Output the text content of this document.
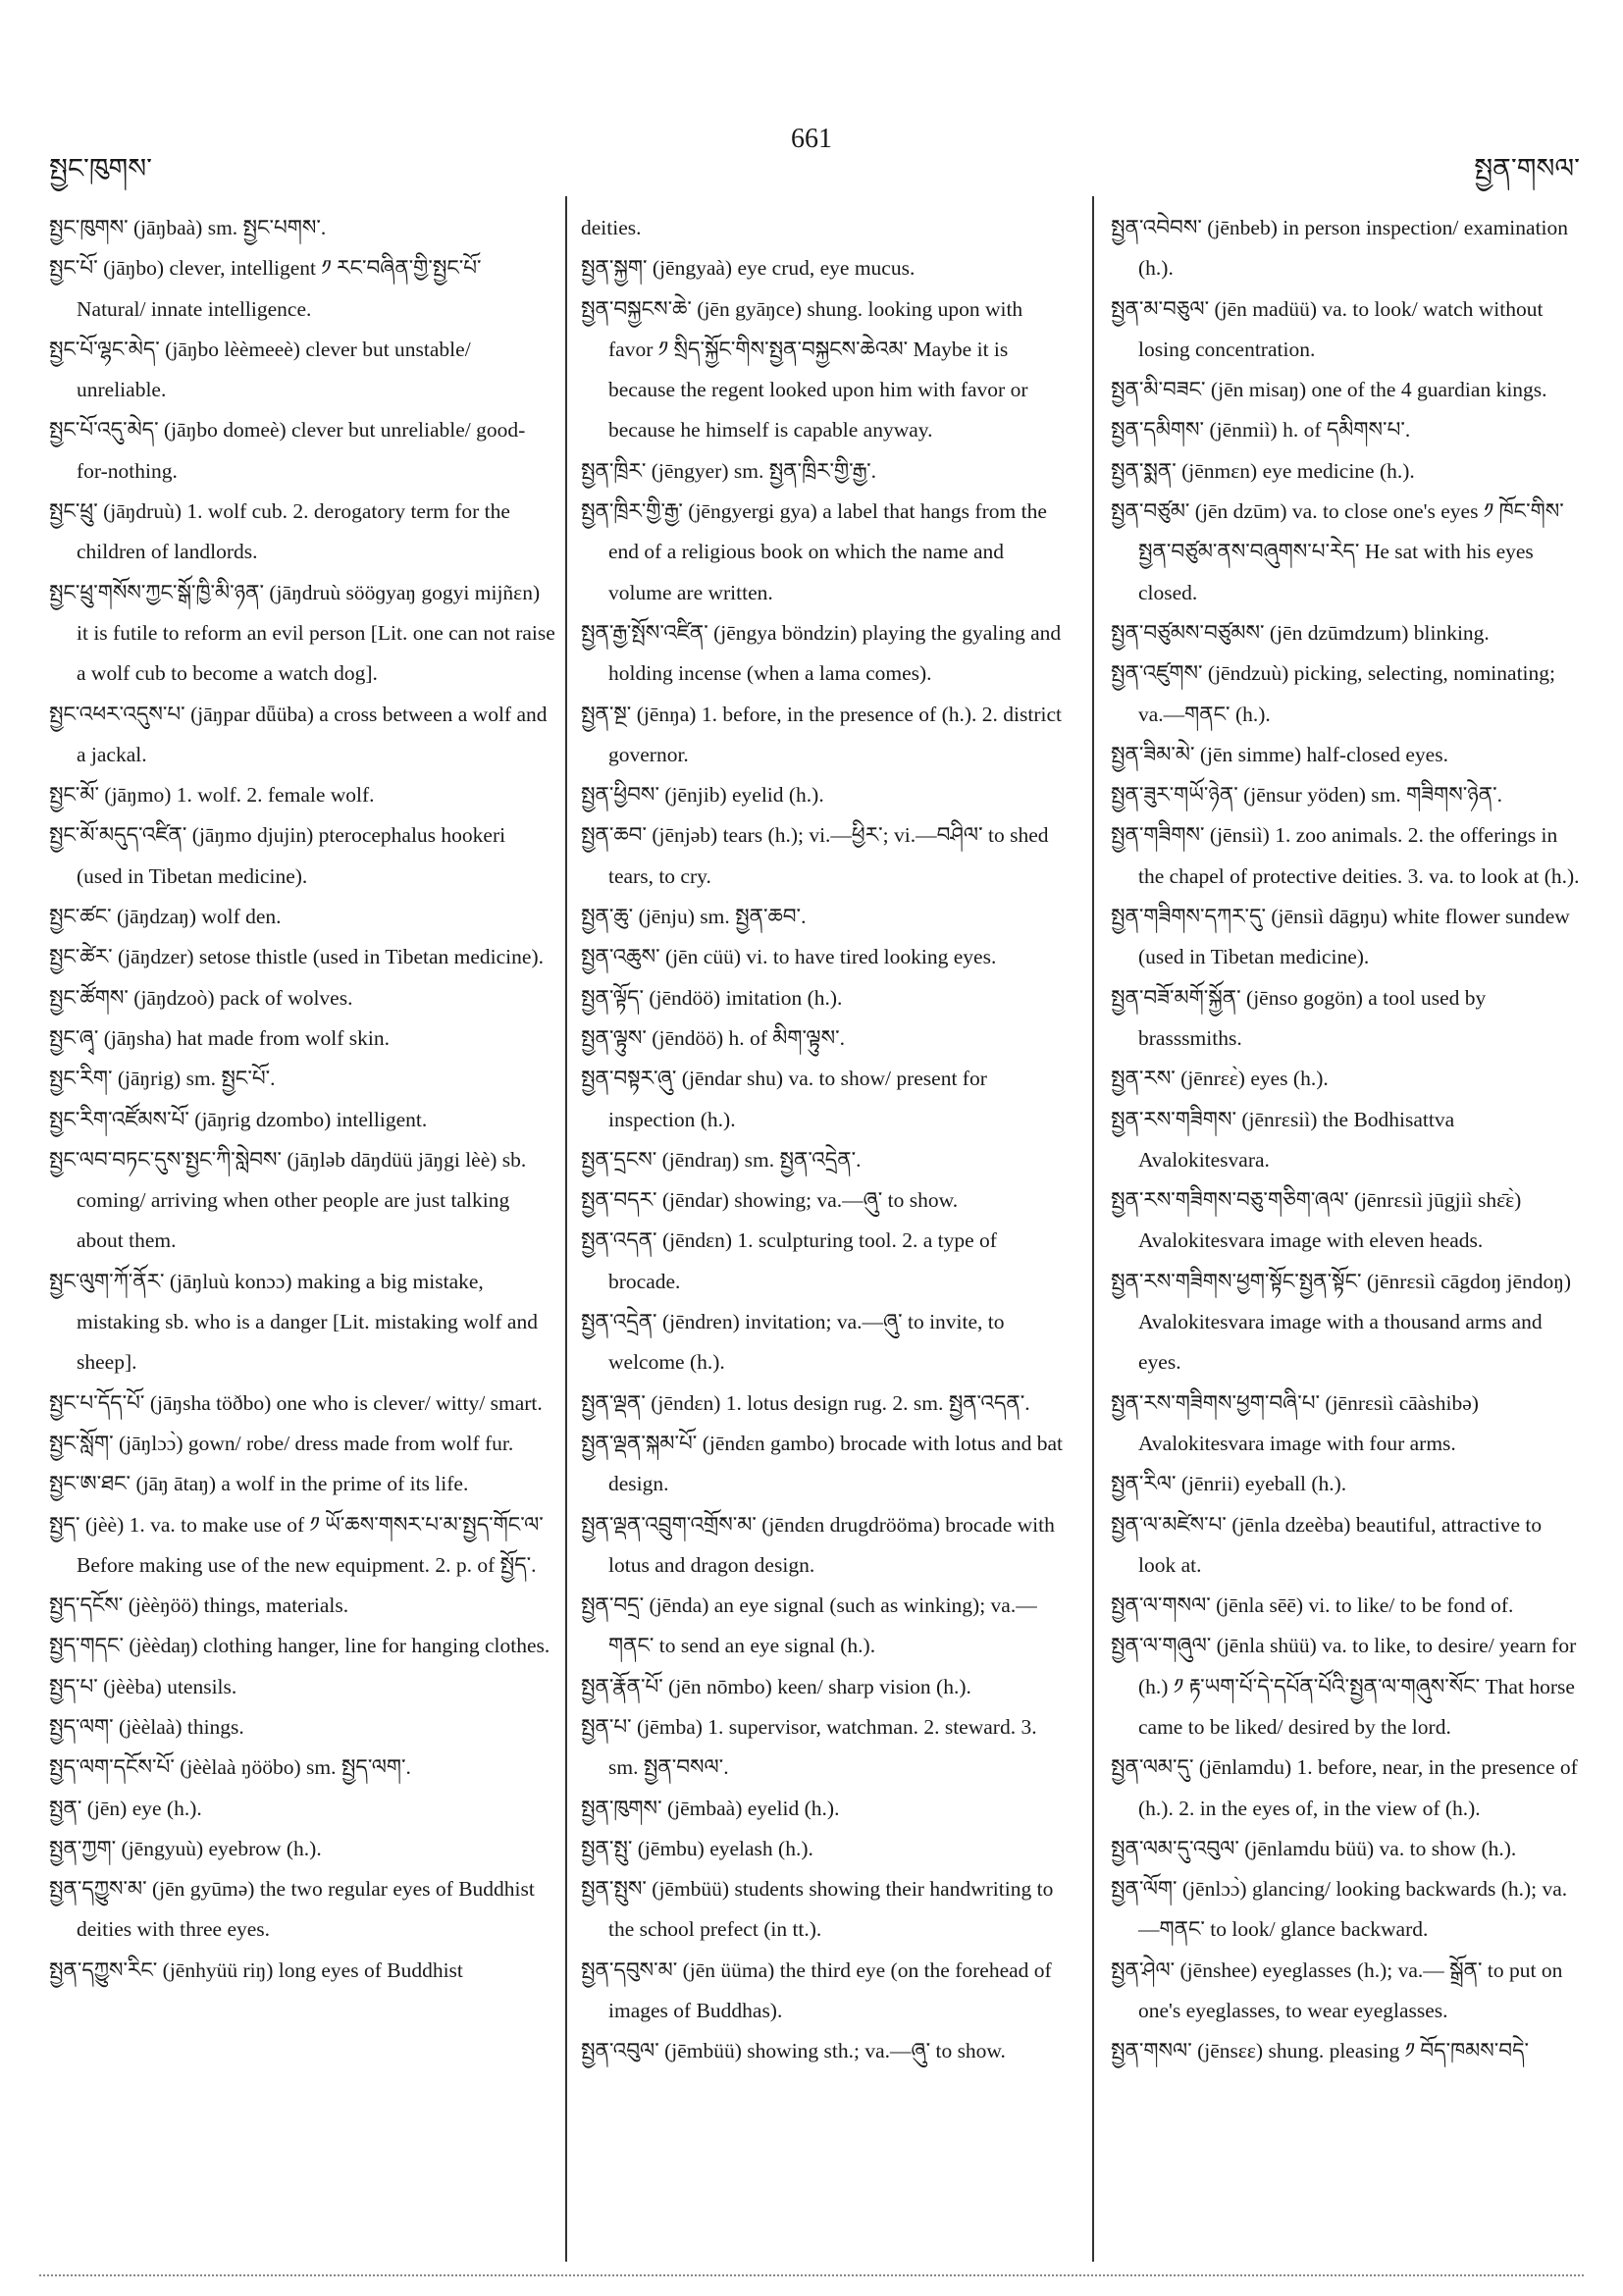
661
སྤྱང་ཁུགས་	སྤྱན་གསལ་

སྤྱང་ཁུགས་ (jāŋbaà) sm. སྤྱང་པགས་.

སྤྱང་པོ་ (jāŋbo) clever, intelligent ༡ རང་བཞིན་གྱི་སྤྱང་པོ་ Natural/ innate intelligence.

སྤྱང་པོ་ལྷང་མེད་ (jāŋbo lèèmeeè) clever but unstable/ unreliable.

སྤྱང་པོ་འདུ་མེད་ (jāŋbo domeè) clever but unreliable/ good-for-nothing.

སྤྱང་ཕྲུ་ (jāŋdruù) 1. wolf cub. 2. derogatory term for the children of landlords.

སྤྱང་ཕྲུ་གསོས་ཀྱང་སྒོ་ཁྱི་མི་ཉན་ (jāŋdruù sööɡyaŋ gogyi mijñɛn) it is futile to reform an evil person [Lit. one can not raise a wolf cub to become a watch dog].

སྤྱང་འཕར་འདུས་པ་ (jāŋpar dǖüba) a cross between a wolf and a jackal.

སྤྱང་མོ་ (jāŋmo) 1. wolf. 2. female wolf.

སྤྱང་མོ་མདུད་འཛིན་ (jāŋmo djujin) pterocephalus hookeri (used in Tibetan medicine).

སྤྱང་ཚང་ (jāŋdzaŋ) wolf den.

སྤྱང་ཚེར་ (jāŋdzer) setose thistle (used in Tibetan medicine).

སྤྱང་ཚོགས་ (jāŋdzoò) pack of wolves.

སྤྱང་ཞྭ་ (jāŋsha) hat made from wolf skin.

སྤྱང་རིག་ (jāŋrig) sm. སྤྱང་པོ་.

སྤྱང་རིག་འཛོམས་པོ་ (jāŋrig dzombo) intelligent.

སྤྱང་ལབ་བཏང་དུས་སྤྱང་ཀི་སླེབས་ (jāŋləb dāŋdüü jāŋgi lèè) sb. coming/ arriving when other people are just talking about them.

སྤྱང་ལུག་ཀོ་ནོར་ (jāŋluù konɔɔ) making a big mistake, mistaking sb. who is a danger [Lit. mistaking wolf and sheep].

སྤྱང་པ་དོད་པོ་ (jāŋsha töðbo) one who is clever/ witty/ smart.

སྤྱང་སློག་ (jāŋlɔɔ̀) gown/ robe/ dress made from wolf fur.

སྤྱང་ཨ་ཐང་ (jāŋ ātaŋ) a wolf in the prime of its life.

སྤྱད་ (jèè) 1. va. to make use of ༡ ཡོ་ཆས་གསར་པ་མ་སྤྱད་གོང་ལ་ Before making use of the new equipment. 2. p. of སྤྱོད་.

སྤྱད་དངོས་ (jèèŋöö) things, materials.

སྤྱད་གདང་ (jèèdaŋ) clothing hanger, line for hanging clothes.

སྤྱད་པ་ (jèèba) utensils.

སྤྱད་ལག་ (jèèlaà) things.

སྤྱད་ལག་དངོས་པོ་ (jèèlaà ŋööbo) sm. སྤྱད་ལག་.

སྤྱན་ (jēn) eye (h.).

སྤྱན་ཀྱག་ (jēngyuù) eyebrow (h.).

སྤྱན་དཀྱུས་མ་ (jēn gyūmə) the two regular eyes of Buddhist deities with three eyes.

སྤྱན་དཀྱུས་རིང་ (jēnhyüü riŋ) long eyes of Buddhist

deities.

སྤྱན་སྐྱག་ (jēngyaà) eye crud, eye mucus.

སྤྱན་བསྐྱངས་ཆེ་ (jēn gyāŋce) shung. looking upon with favor ༡ སྲིད་སྐྱོང་གིས་སྤྱན་བསྐྱངས་ཆེའམ་ Maybe it is because the regent looked upon him with favor or because he himself is capable anyway.

སྤྱན་ཁྲིར་ (jēngyer) sm. སྤྱན་ཁྲིར་གྱི་རྒྱ་.

སྤྱན་ཁྲིར་གྱི་རྒྱ་ (jēngyergi gya) a label that hangs from the end of a religious book on which the name and volume are written.

སྤྱན་རྒྱ་སྤོས་འཛིན་ (jēngya böndzin) playing the gyaling and holding incense (when a lama comes).

སྤྱན་སྔ་ (jēnŋa) 1. before, in the presence of (h.). 2. district governor.

སྤྱན་ཕྱིབས་ (jēnjib) eyelid (h.).

སྤྱན་ཆབ་ (jēnjəb) tears (h.); vi.—ཕྱིར་; vi.—བཤིལ་ to shed tears, to cry.

སྤྱན་ཆུ་ (jēnju) sm. སྤྱན་ཆབ་.

སྤྱན་འཆུས་ (jēn cüü) vi. to have tired looking eyes.

སྤྱན་ལྟོད་ (jēndöö) imitation (h.).

སྤྱན་ལྟུས་ (jēndöö) h. of མིག་ལྟུས་.

སྤྱན་བསྟར་ཞུ་ (jēndar shu) va. to show/ present for inspection (h.).

སྤྱན་དྲངས་ (jēndraŋ) sm. སྤྱན་འདྲེན་.

སྤྱན་བདར་ (jēndar) showing; va.—ཞུ་ to show.

སྤྱན་འདན་ (jēndɛn) 1. sculpturing tool. 2. a type of brocade.

སྤྱན་འདྲེན་ (jēndren) invitation; va.—ཞུ་ to invite, to welcome (h.).

སྤྱན་ལྡན་ (jēndɛn) 1. lotus design rug. 2. sm. སྤྱན་འདན་.

སྤྱན་ལྡན་སྐམ་པོ་ (jēndɛn gambo) brocade with lotus and bat design.

སྤྱན་ལྡན་འབྲུག་འགྲོས་མ་ (jēndɛn drugdrööma) brocade with lotus and dragon design.

སྤྱན་བདྲ་ (jēnda) an eye signal (such as winking); va.—གནང་ to send an eye signal (h.).

སྤྱན་རྣོན་པོ་ (jēn nōmbo) keen/ sharp vision (h.).

སྤྱན་པ་ (jēmba) 1. supervisor, watchman. 2. steward. 3. sm. སྤྱན་བསལ་.

སྤྱན་ཁུགས་ (jēmbaà) eyelid (h.).

སྤྱན་སྤུ་ (jēmbu) eyelash (h.).

སྤྱན་སྤུས་ (jēmbüü) students showing their handwriting to the school prefect (in tt.).

སྤྱན་དབུས་མ་ (jēn üüma) the third eye (on the forehead of images of Buddhas).

སྤྱན་འབུལ་ (jēmbüü) showing sth.; va.—ཞུ་ to show.

སྤྱན་འབེབས་ (jēnbeb) in person inspection/ examination (h.).

སྤྱན་མ་བཅུལ་ (jēn madüü) va. to look/ watch without losing concentration.

སྤྱན་མི་བཟང་ (jēn misaŋ) one of the 4 guardian kings.

སྤྱན་དམིགས་ (jēnmiì) h. of དམིགས་པ་.

སྤྱན་སྨན་ (jēnmɛn) eye medicine (h.).

སྤྱན་བཙུམ་ (jēn dzūm) va. to close one's eyes ༡ ཁོང་གིས་སྤྱན་བཙུམ་ནས་བཞུགས་པ་རེད་ He sat with his eyes closed.

སྤྱན་བཙུམས་བཙུམས་ (jēn dzūmdzum) blinking.

སྤྱན་འཛུགས་ (jēndzuù) picking, selecting, nominating; va.—གནང་ (h.).

སྤྱན་ཟིམ་མེ་ (jēn simme) half-closed eyes.

སྤྱན་ཟུར་གཡོ་ཉེན་ (jēnsur yöden) sm. གཟིགས་ཉེན་.

སྤྱན་གཟིགས་ (jēnsiì) 1. zoo animals. 2. the offerings in the chapel of protective deities. 3. va. to look at (h.).

སྤྱན་གཟིགས་དཀར་དུ་ (jēnsiì dāgŋu) white flower sundew (used in Tibetan medicine).

སྤྱན་བཟོ་མགོ་སྐྱོན་ (jēnso gogön) a tool used by brasssmiths.

སྤྱན་རས་ (jēnrɛɛ̀) eyes (h.).

སྤྱན་རས་གཟིགས་ (jēnrɛsiì) the Bodhisattva Avalokitesvara.

སྤྱན་རས་གཟིགས་བཅུ་གཅིག་ཞལ་ (jēnrɛsiì jūgjiì shɛ̄ɛ̀) Avalokitesvara image with eleven heads.

སྤྱན་རས་གཟིགས་ཕྱག་སྟོང་སྤྱན་སྟོང་ (jēnrɛsiì cāgdoŋ jēndoŋ) Avalokitesvara image with a thousand arms and eyes.

སྤྱན་རས་གཟིགས་ཕྱག་བཞི་པ་ (jēnrɛsiì cāàshibə) Avalokitesvara image with four arms.

སྤྱན་རིལ་ (jēnrii) eyeball (h.).

སྤྱན་ལ་མཛེས་པ་ (jēnla dzeèba) beautiful, attractive to look at.

སྤྱན་ལ་གསལ་ (jēnla sēē) vi. to like/ to be fond of.

སྤྱན་ལ་གཞུལ་ (jēnla shüü) va. to like, to desire/ yearn for (h.) ༡ རྟ་ཡག་པོ་དེ་དཔོན་པོའི་སྤྱན་ལ་གཞུས་སོང་ That horse came to be liked/ desired by the lord.

སྤྱན་ལམ་དུ་ (jēnlamdu) 1. before, near, in the presence of (h.). 2. in the eyes of, in the view of (h.).

སྤྱན་ལམ་དུ་འབུལ་ (jēnlamdu büü) va. to show (h.).

སྤྱན་ལོག་ (jēnlɔɔ̀) glancing/ looking backwards (h.); va.—གནང་ to look/ glance backward.

སྤྱན་ཤེལ་ (jēnshee) eyeglasses (h.); va.— སྒྲོན་ to put on one's eyeglasses, to wear eyeglasses.

སྤྱན་གསལ་ (jēnsɛɛ) shung. pleasing ༡ བོད་ཁམས་བདེ་
